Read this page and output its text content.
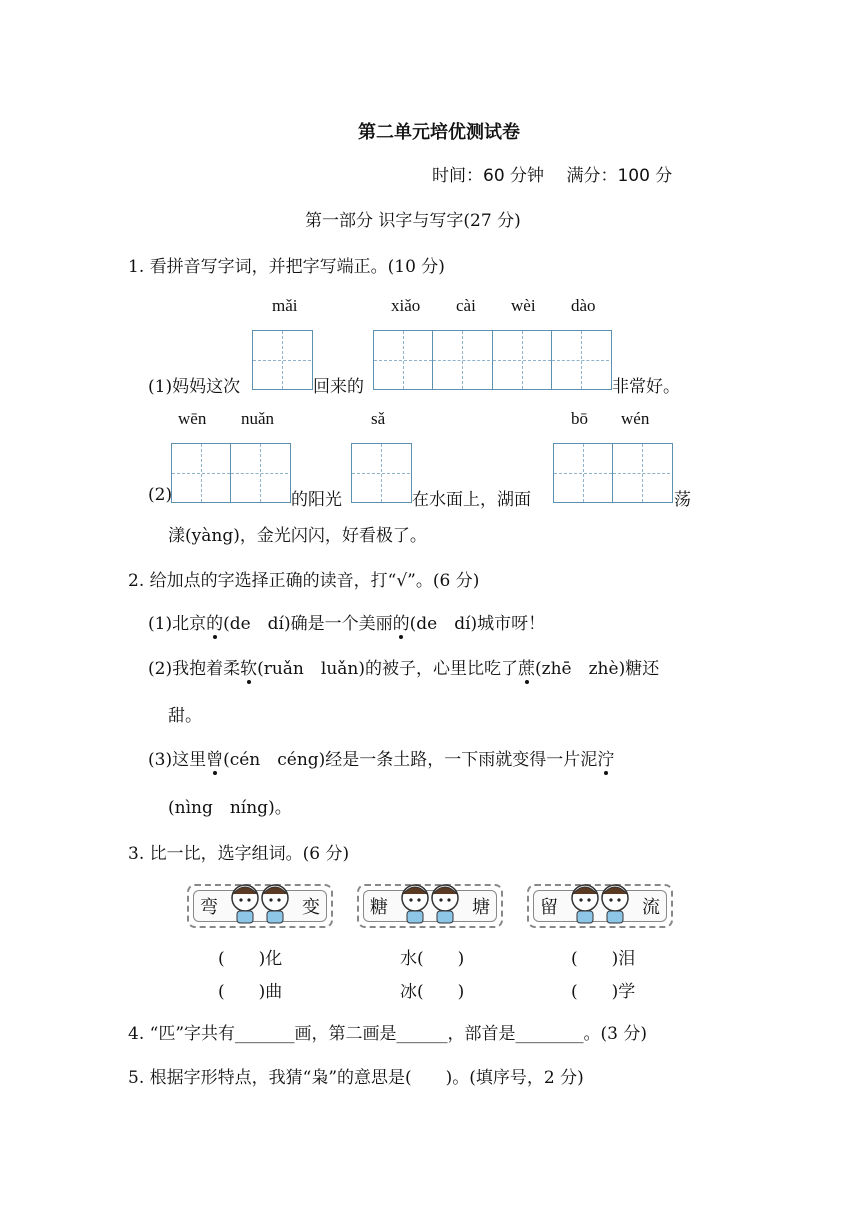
第二单元培优测试卷
时间：60 分钟　 满分：100 分
第一部分 识字与写字(27 分)
1. 看拼音写字词，并把字写端正。(10 分)
mǎi	xiǎo cài wèi dào
(1)妈妈这次	回来的	非常好。
wēn nuǎn	sǎ	bō wén
(2)	的阳光	在水面上，湖面	荡
漾(yàng)，金光闪闪，好看极了。
2. 给加点的字选择正确的读音，打“√”。(6 分)
(1)北京的(de　dí)确是一个美丽的(de　dí)城市呀！
(2)我抱着柔软(ruǎn　luǎn)的被子，心里比吃了蔗(zhē　zhè)糖还
甜。
(3)这里曾(cén　céng)经是一条土路，一下雨就变得一片泥泞
(nìng　níng)。
3. 比一比，选字组词。(6 分)
弯	变	糖	塘	留	流
(　　)化	水(　　)	(　　)泪
(　　)曲	冰(　　)	(　　)学
4. “匹”字共有_______画，第二画是______，部首是________。(3 分)
5. 根据字形特点，我猜“枭”的意思是(　　)。(填序号，2 分)
